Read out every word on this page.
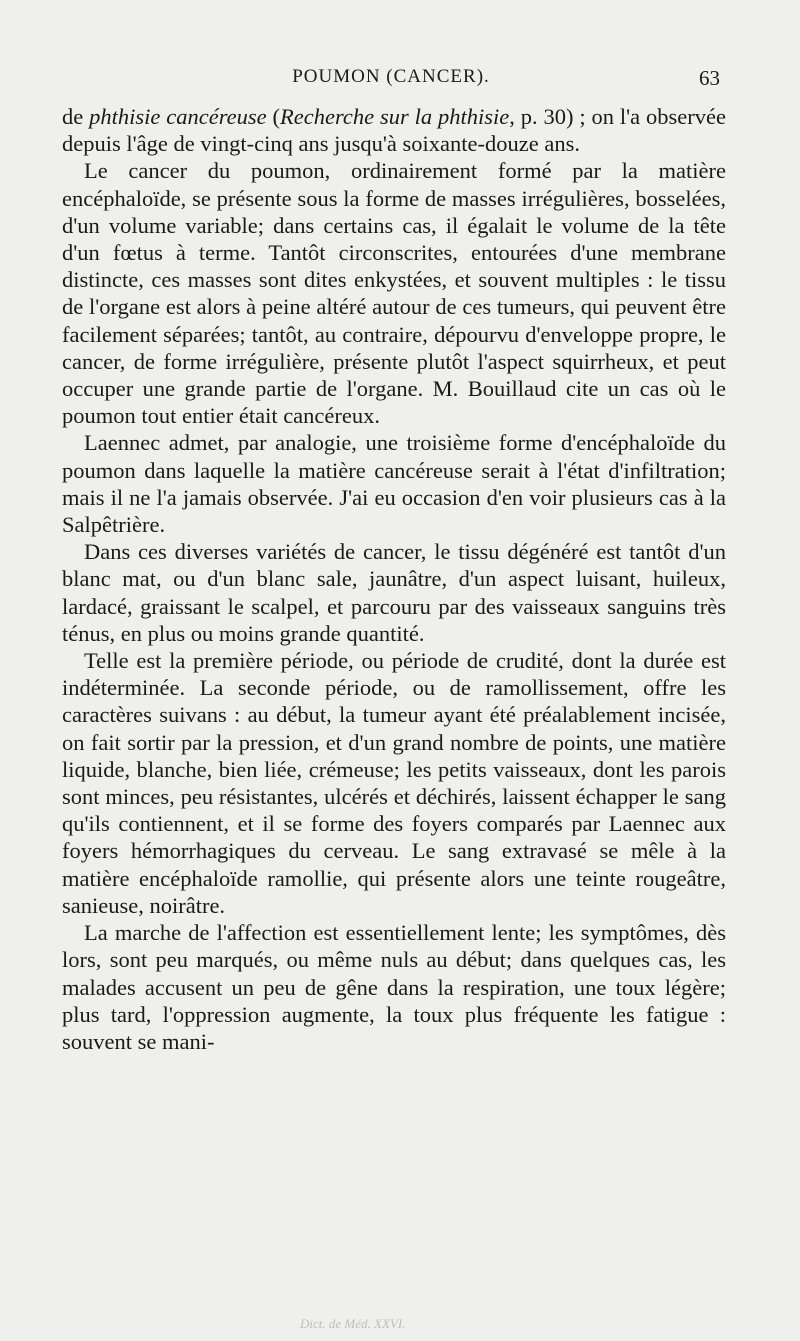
POUMON (CANCER).	63

de phthisie cancéreuse (Recherche sur la phthisie, p. 30) ; on l'a observée depuis l'âge de vingt-cinq ans jusqu'à soixante-douze ans.

Le cancer du poumon, ordinairement formé par la matière encéphaloïde, se présente sous la forme de masses irrégulières, bosselées, d'un volume variable; dans certains cas, il égalait le volume de la tête d'un fœtus à terme. Tantôt circonscrites, entourées d'une membrane distincte, ces masses sont dites enkystées, et souvent multiples : le tissu de l'organe est alors à peine altéré autour de ces tumeurs, qui peuvent être facilement séparées; tantôt, au contraire, dépourvu d'enveloppe propre, le cancer, de forme irrégulière, présente plutôt l'aspect squirrheux, et peut occuper une grande partie de l'organe. M. Bouillaud cite un cas où le poumon tout entier était cancéreux.

Laennec admet, par analogie, une troisième forme d'encéphaloïde du poumon dans laquelle la matière cancéreuse serait à l'état d'infiltration; mais il ne l'a jamais observée. J'ai eu occasion d'en voir plusieurs cas à la Salpêtrière.

Dans ces diverses variétés de cancer, le tissu dégénéré est tantôt d'un blanc mat, ou d'un blanc sale, jaunâtre, d'un aspect luisant, huileux, lardacé, graissant le scalpel, et parcouru par des vaisseaux sanguins très ténus, en plus ou moins grande quantité.

Telle est la première période, ou période de crudité, dont la durée est indéterminée. La seconde période, ou de ramollissement, offre les caractères suivans : au début, la tumeur ayant été préalablement incisée, on fait sortir par la pression, et d'un grand nombre de points, une matière liquide, blanche, bien liée, crémeuse; les petits vaisseaux, dont les parois sont minces, peu résistantes, ulcérés et déchirés, laissent échapper le sang qu'ils contiennent, et il se forme des foyers comparés par Laennec aux foyers hémorrhagiques du cerveau. Le sang extravasé se mêle à la matière encéphaloïde ramollie, qui présente alors une teinte rougeâtre, sanieuse, noirâtre.

La marche de l'affection est essentiellement lente; les symptômes, dès lors, sont peu marqués, ou même nuls au début; dans quelques cas, les malades accusent un peu de gêne dans la respiration, une toux légère; plus tard, l'oppression augmente, la toux plus fréquente les fatigue : souvent se mani-

Dict. de Méd. XXVI.
